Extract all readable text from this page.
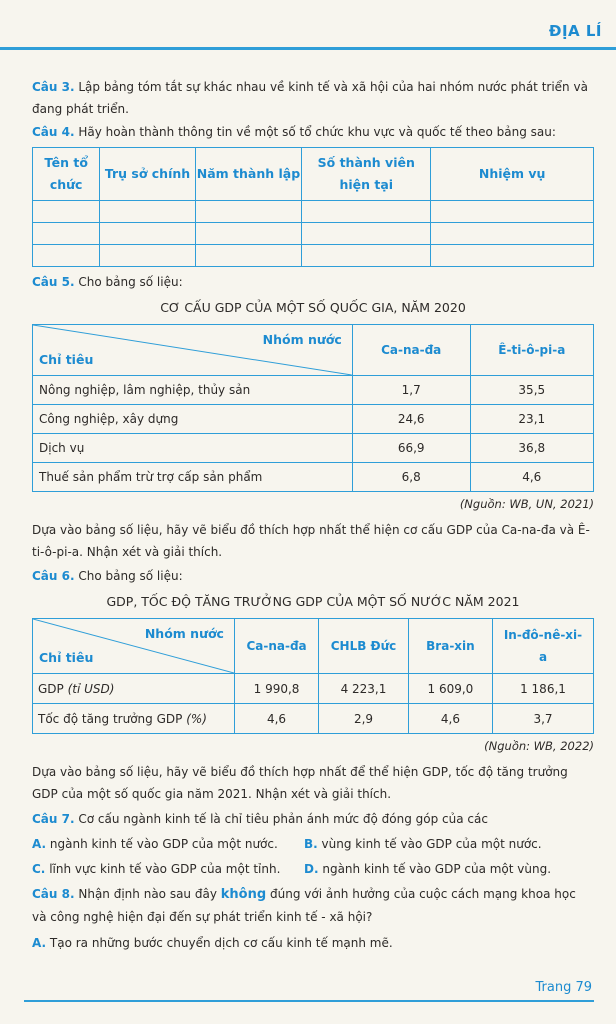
ĐỊA LÍ

Câu 3. Lập bảng tóm tắt sự khác nhau về kinh tế và xã hội của hai nhóm nước phát triển và đang phát triển.

Câu 4. Hãy hoàn thành thông tin về một số tổ chức khu vực và quốc tế theo bảng sau:

Tên tổ chức	Trụ sở chính	Năm thành lập	Số thành viên hiện tại	Nhiệm vụ

Câu 5. Cho bảng số liệu:

CƠ CẤU GDP CỦA MỘT SỐ QUỐC GIA, NĂM 2020
Nhóm nước
Chỉ tiêu	Ca-na-đa	Ê-ti-ô-pi-a
Nông nghiệp, lâm nghiệp, thủy sản	1,7	35,5
Công nghiệp, xây dựng	24,6	23,1
Dịch vụ	66,9	36,8
Thuế sản phẩm trừ trợ cấp sản phẩm	6,8	4,6
(Nguồn: WB, UN, 2021)

Dựa vào bảng số liệu, hãy vẽ biểu đồ thích hợp nhất thể hiện cơ cấu GDP của Ca-na-đa và Ê-ti-ô-pi-a. Nhận xét và giải thích.

Câu 6. Cho bảng số liệu:

GDP, TỐC ĐỘ TĂNG TRƯỞNG GDP CỦA MỘT SỐ NƯỚC NĂM 2021
Nhóm nước
Chỉ tiêu	Ca-na-đa	CHLB Đức	Bra-xin	In-đô-nê-xi-a
GDP (tỉ USD)	1 990,8	4 223,1	1 609,0	1 186,1
Tốc độ tăng trưởng GDP (%)	4,6	2,9	4,6	3,7
(Nguồn: WB, 2022)

Dựa vào bảng số liệu, hãy vẽ biểu đồ thích hợp nhất để thể hiện GDP, tốc độ tăng trưởng GDP của một số quốc gia năm 2021. Nhận xét và giải thích.

Câu 7. Cơ cấu ngành kinh tế là chỉ tiêu phản ánh mức độ đóng góp của các

A. ngành kinh tế vào GDP của một nước.	B. vùng kinh tế vào GDP của một nước.
C. lĩnh vực kinh tế vào GDP của một tỉnh.	D. ngành kinh tế vào GDP của một vùng.

Câu 8. Nhận định nào sau đây không đúng với ảnh hưởng của cuộc cách mạng khoa học và công nghệ hiện đại đến sự phát triển kinh tế - xã hội?

A. Tạo ra những bước chuyển dịch cơ cấu kinh tế mạnh mẽ.
Trang 79
